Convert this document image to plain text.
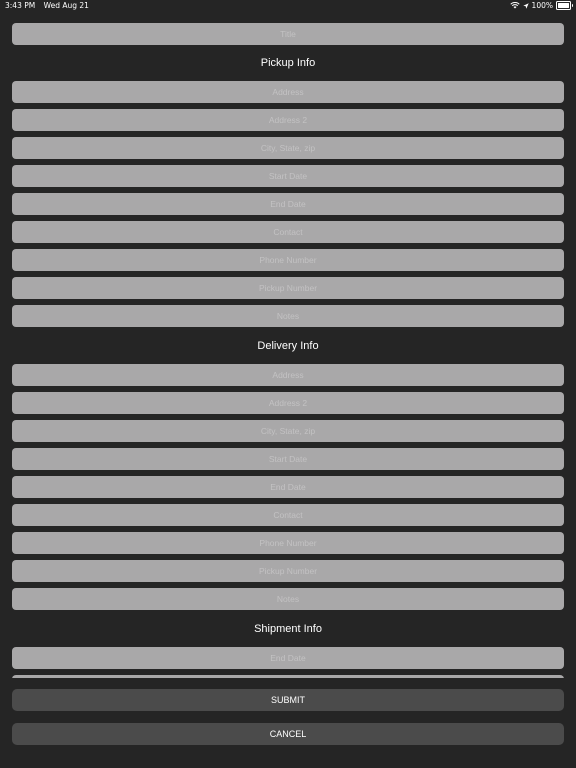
3:43 PM Wed Aug 21	100%
Title
Pickup Info
Address
Address 2
City, State, zip
Start Date
End Date
Contact
Phone Number
Pickup Number
Notes
Delivery Info
Address
Address 2
City, State, zip
Start Date
End Date
Contact
Phone Number
Pickup Number
Notes
Shipment Info
End Date
SUBMIT
CANCEL
